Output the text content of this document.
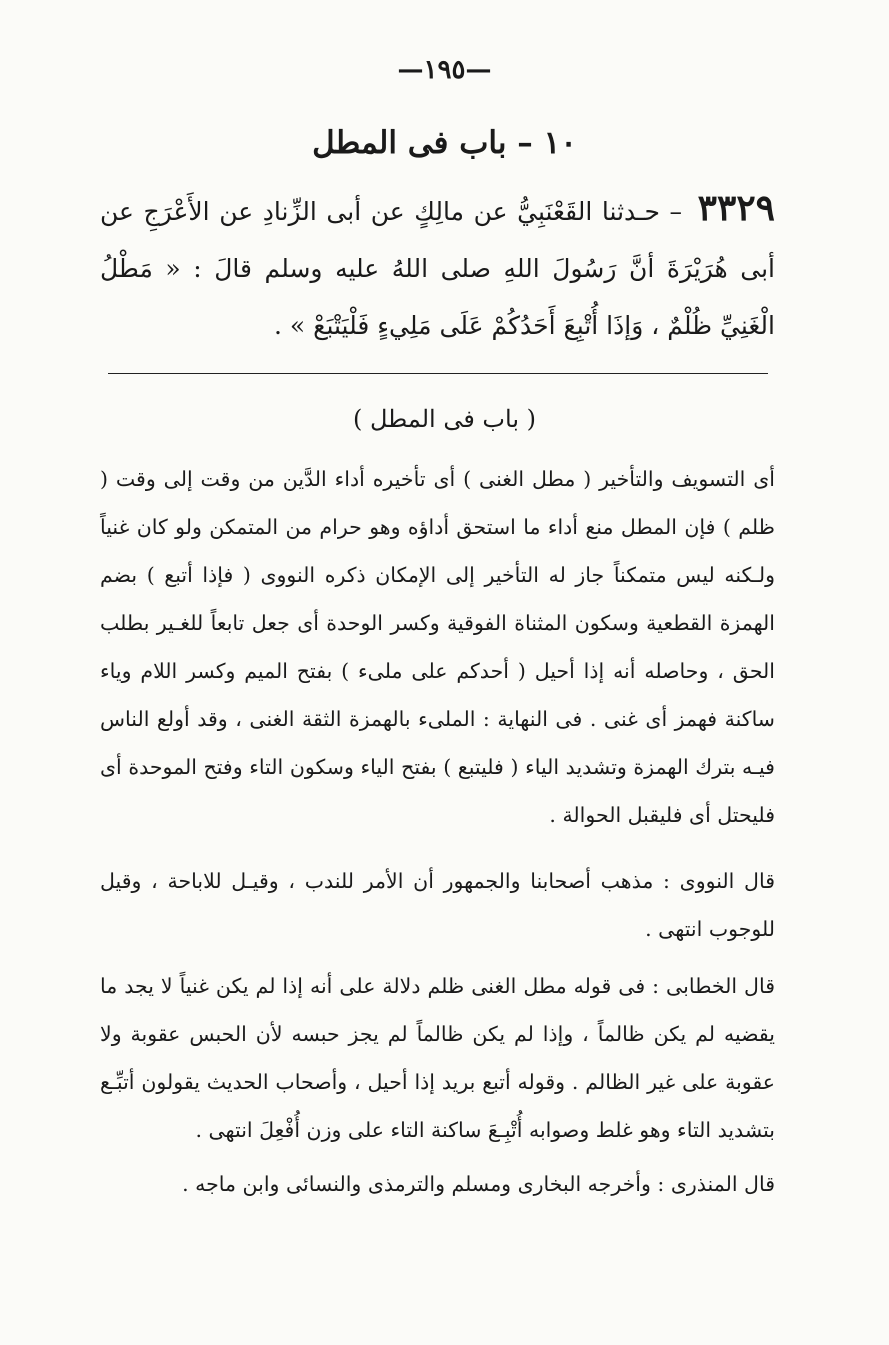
—١٩٥—
١٠ – باب فى المطل
٣٣٢٩ – حـدثنا القَعْنَبِيُّ عن مالِكٍ عن أبى الزِّنادِ عن الأَعْرَجِ عن أبى هُرَيْرَةَ أنَّ رَسُولَ اللهِ صلى اللهُ عليه وسلم قالَ : « مَطْلُ الْغَنِيِّ ظُلْمٌ ، وَإذَا أُتْبِعَ أَحَدُكُمْ عَلَى مَلِيءٍ فَلْيَتْبَعْ » .
( باب فى المطل )
أى التسويف والتأخير ( مطل الغنى ) أى تأخيره أداء الدَّين من وقت إلى وقت ( ظلم ) فإن المطل منع أداء ما استحق أداؤه وهو حرام من المتمكن ولو كان غنياً ولـكنه ليس متمكناً جاز له التأخير إلى الإمكان ذكره النووى ( فإذا أتبع ) بضم الهمزة القطعية وسكون المثناة الفوقية وكسر الوحدة أى جعل تابعاً للغـير بطلب الحق ، وحاصله أنه إذا أحيل ( أحدكم على ملىء ) بفتح الميم وكسر اللام وياء ساكنة فهمز أى غنى . فى النهاية : الملىء بالهمزة الثقة الغنى ، وقد أولع الناس فيـه بترك الهمزة وتشديد الياء ( فليتبع ) بفتح الياء وسكون التاء وفتح الموحدة أى فليحتل أى فليقبل الحوالة .
قال النووى : مذهب أصحابنا والجمهور أن الأمر للندب ، وقيـل للاباحة ، وقيل للوجوب انتهى .
قال الخطابى : فى قوله مطل الغنى ظلم دلالة على أنه إذا لم يكن غنياً لا يجد ما يقضيه لم يكن ظالماً ، وإذا لم يكن ظالماً لم يجز حبسه لأن الحبس عقوبة ولا عقوبة على غير الظالم . وقوله أتبع بريد إذا أحيل ، وأصحاب الحديث يقولون أتبِّـع بتشديد التاء وهو غلط وصوابه أُتْبِـعَ ساكنة التاء على وزن أُفْعِلَ انتهى .
قال المنذرى : وأخرجه البخارى ومسلم والترمذى والنسائى وابن ماجه .
